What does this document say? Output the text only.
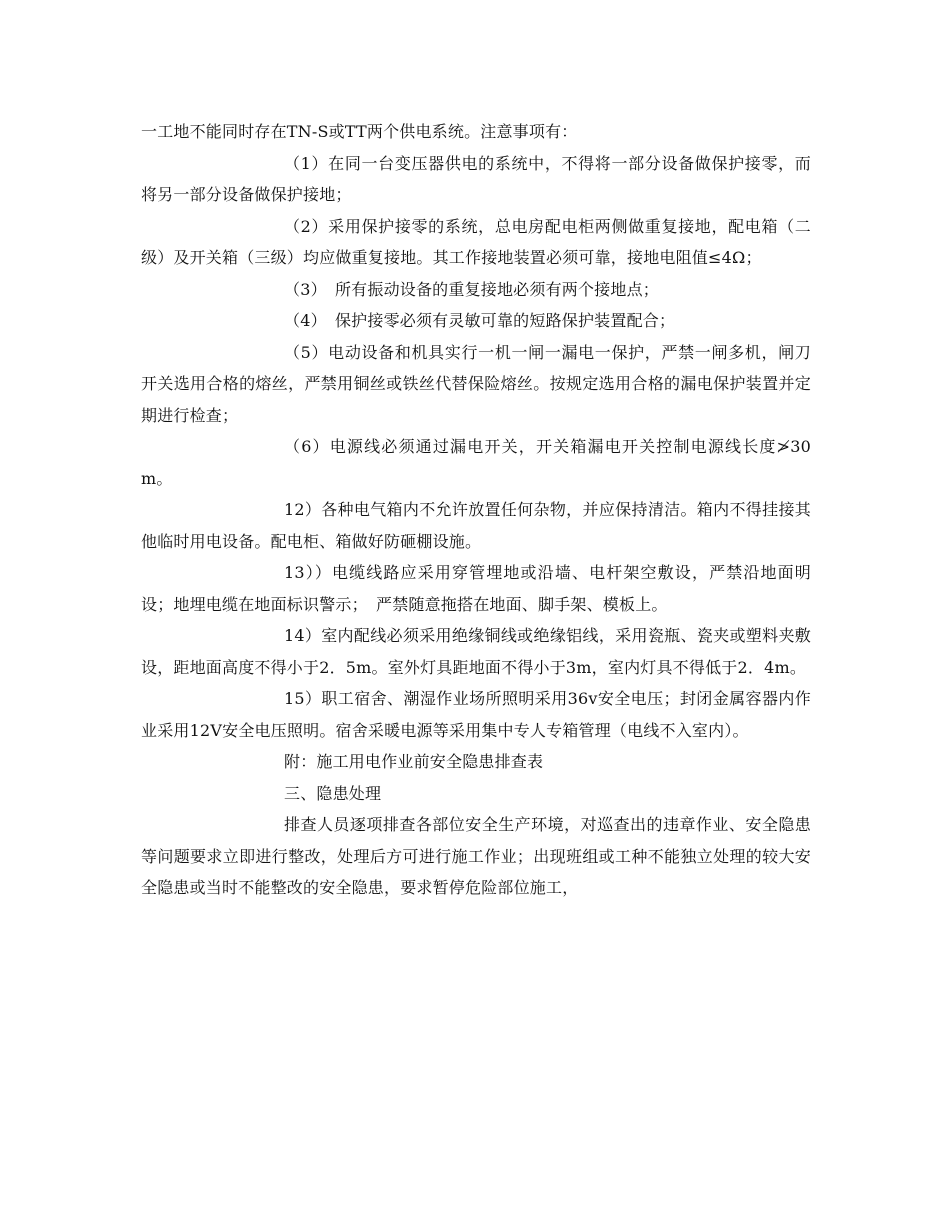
一工地不能同时存在TN-S或TT两个供电系统。注意事项有：

（1）在同一台变压器供电的系统中，不得将一部分设备做保护接零，而将另一部分设备做保护接地；

（2）采用保护接零的系统，总电房配电柜两侧做重复接地，配电箱（二级）及开关箱（三级）均应做重复接地。其工作接地装置必须可靠，接地电阻值≤4Ω；

（3）　所有振动设备的重复接地必须有两个接地点；

（4）　保护接零必须有灵敏可靠的短路保护装置配合；

（5）电动设备和机具实行一机一闸一漏电一保护，严禁一闸多机，闸刀开关选用合格的熔丝，严禁用铜丝或铁丝代替保险熔丝。按规定选用合格的漏电保护装置并定期进行检查；

（6）电源线必须通过漏电开关，开关箱漏电开关控制电源线长度≯30m。

12）各种电气箱内不允许放置任何杂物，并应保持清洁。箱内不得挂接其他临时用电设备。配电柜、箱做好防砸棚设施。

13））电缆线路应采用穿管埋地或沿墙、电杆架空敷设，严禁沿地面明设；地埋电缆在地面标识警示；　严禁随意拖搭在地面、脚手架、模板上。

14）室内配线必须采用绝缘铜线或绝缘铝线，采用瓷瓶、瓷夹或塑料夹敷设，距地面高度不得小于2．5m。室外灯具距地面不得小于3m，室内灯具不得低于2．4m。

15）职工宿舍、潮湿作业场所照明采用36v安全电压；封闭金属容器内作业采用12V安全电压照明。宿舍采暖电源等采用集中专人专箱管理（电线不入室内）。

附：施工用电作业前安全隐患排查表

三、隐患处理

排查人员逐项排查各部位安全生产环境，对巡查出的违章作业、安全隐患等问题要求立即进行整改，处理后方可进行施工作业；出现班组或工种不能独立处理的较大安全隐患或当时不能整改的安全隐患，要求暂停危险部位施工，
